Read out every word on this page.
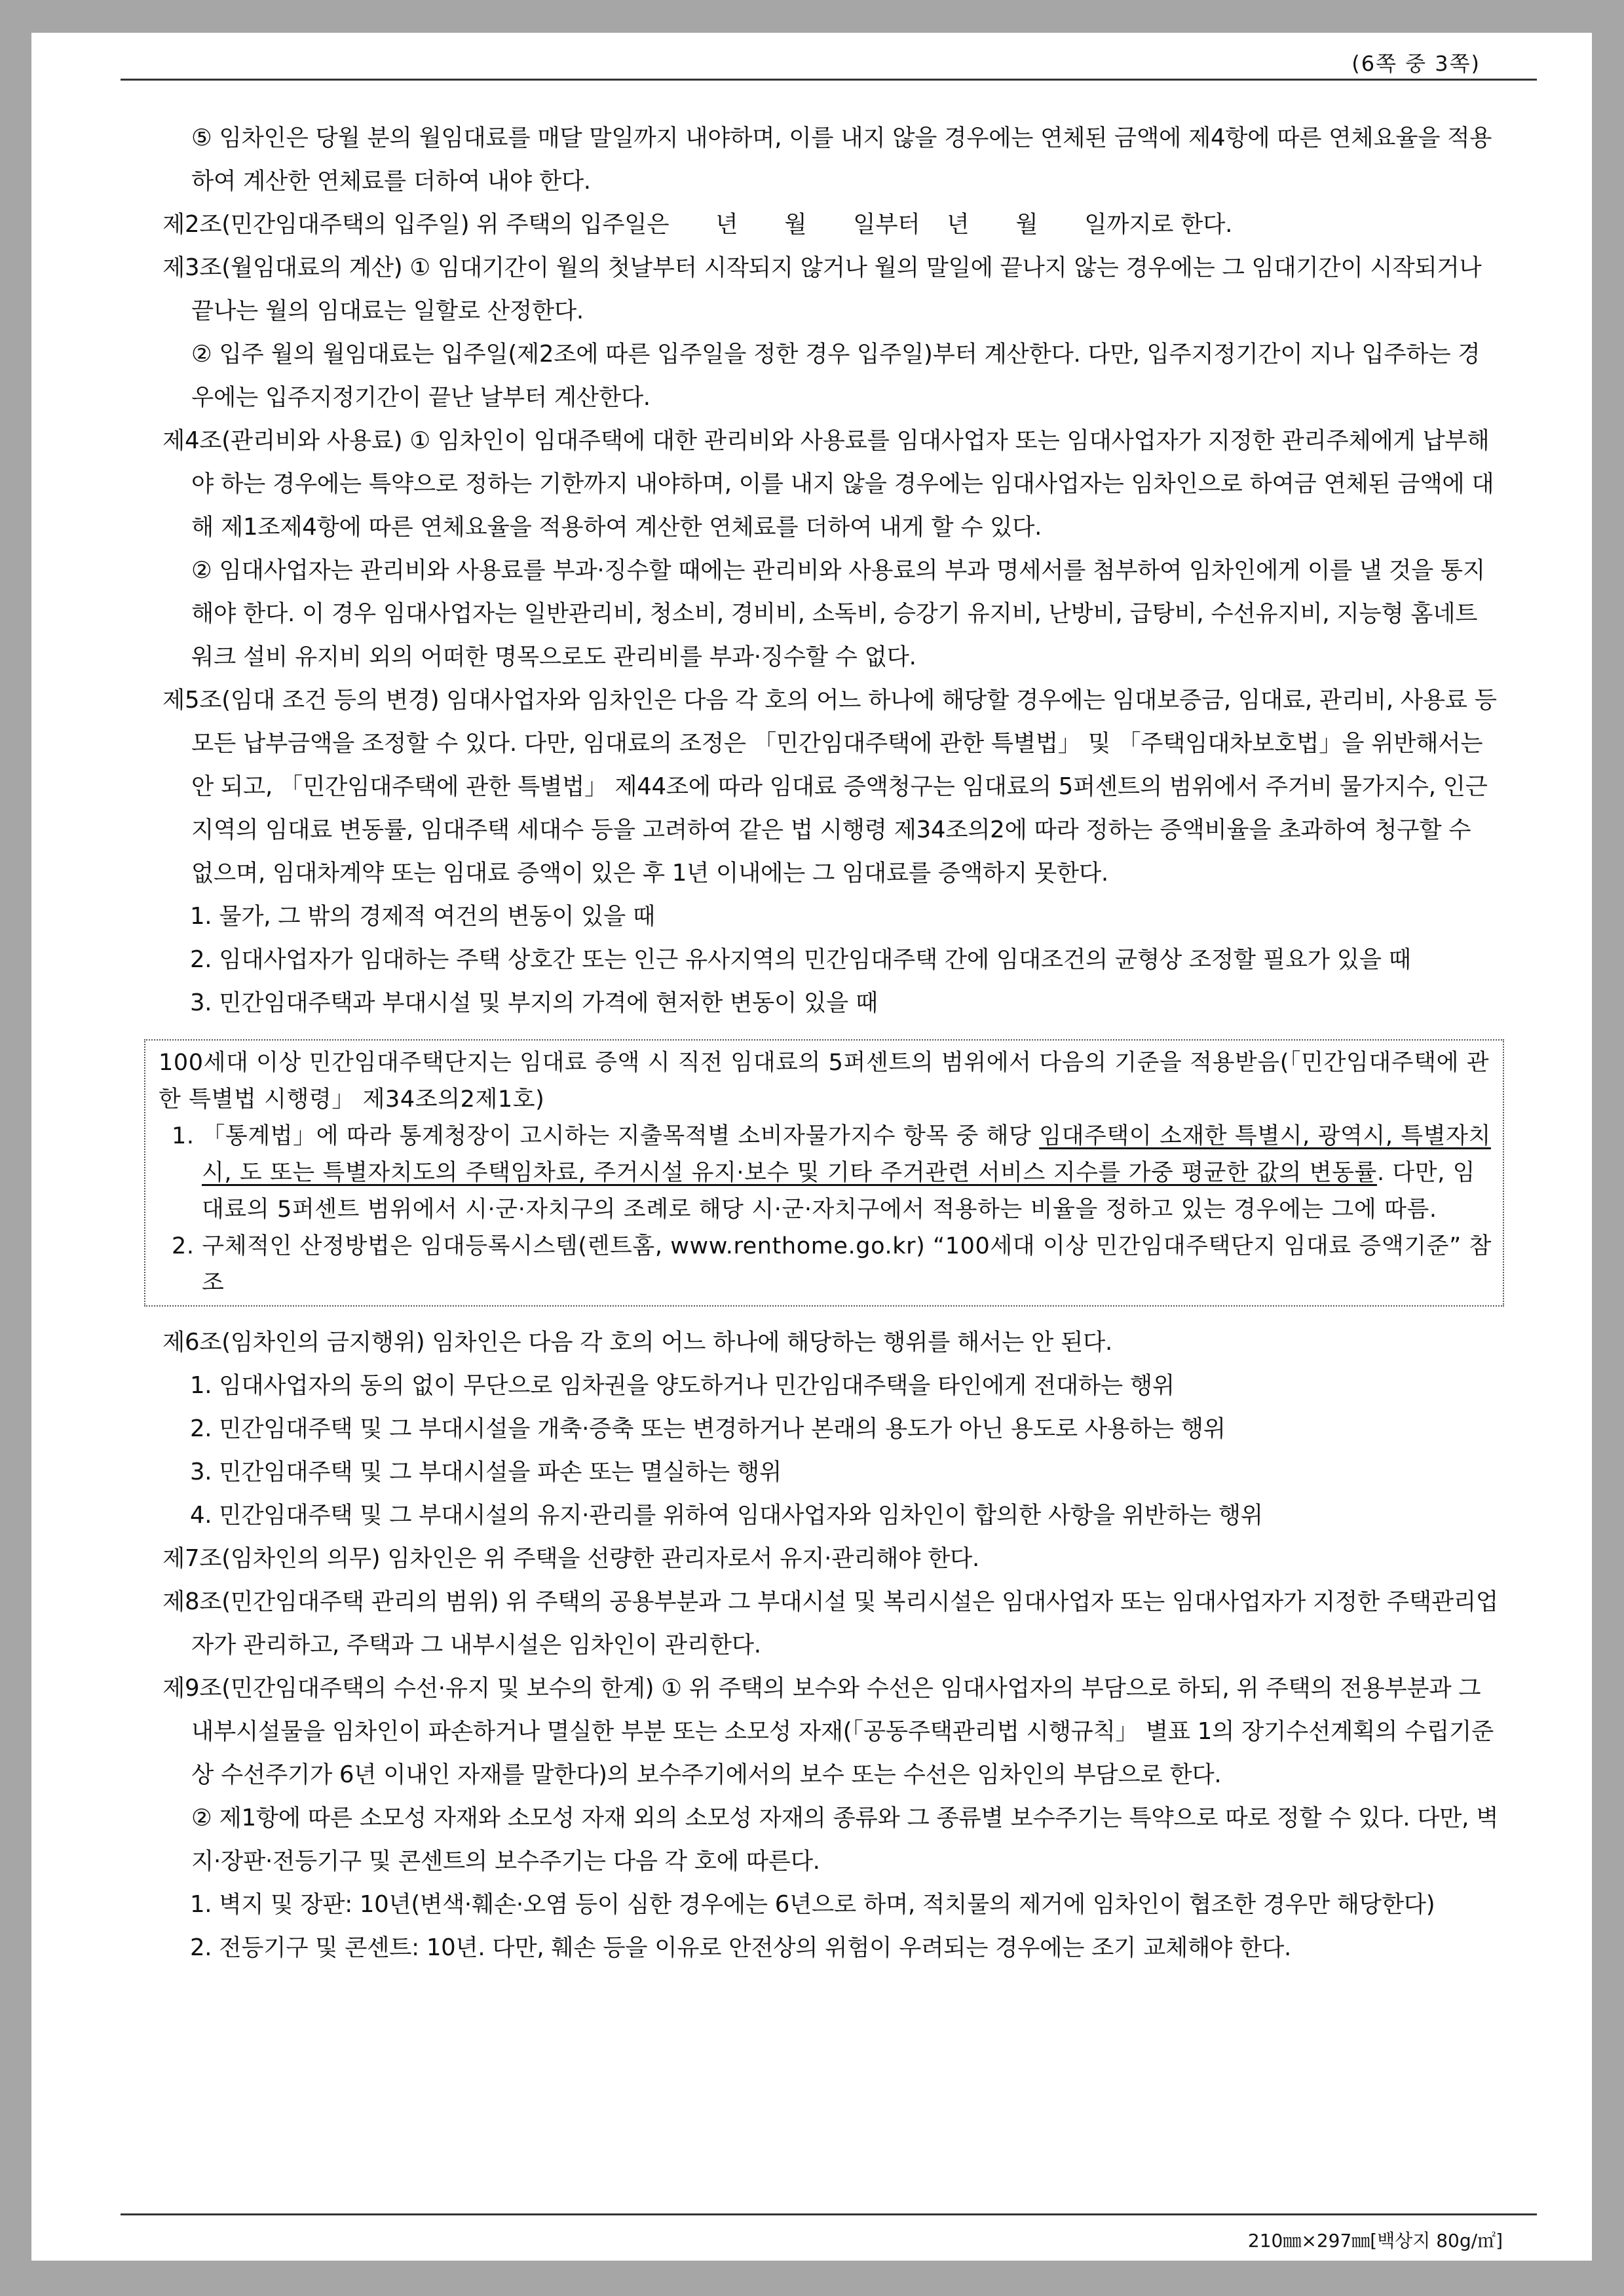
(6쪽 중 3쪽)

⑤ 임차인은 당월 분의 월임대료를 매달 말일까지 내야하며, 이를 내지 않을 경우에는 연체된 금액에 제4항에 따른 연체요율을 적용하여 계산한 연체료를 더하여 내야 한다.

제2조(민간임대주택의 입주일) 위 주택의 입주일은 년 월 일부터 년 월 일까지로 한다.

제3조(월임대료의 계산) ① 임대기간이 월의 첫날부터 시작되지 않거나 월의 말일에 끝나지 않는 경우에는 그 임대기간이 시작되거나 끝나는 월의 임대료는 일할로 산정한다.

② 입주 월의 월임대료는 입주일(제2조에 따른 입주일을 정한 경우 입주일)부터 계산한다. 다만, 입주지정기간이 지나 입주하는 경우에는 입주지정기간이 끝난 날부터 계산한다.

제4조(관리비와 사용료) ① 임차인이 임대주택에 대한 관리비와 사용료를 임대사업자 또는 임대사업자가 지정한 관리주체에게 납부해야 하는 경우에는 특약으로 정하는 기한까지 내야하며, 이를 내지 않을 경우에는 임대사업자는 임차인으로 하여금 연체된 금액에 대해 제1조제4항에 따른 연체요율을 적용하여 계산한 연체료를 더하여 내게 할 수 있다.

② 임대사업자는 관리비와 사용료를 부과·징수할 때에는 관리비와 사용료의 부과 명세서를 첨부하여 임차인에게 이를 낼 것을 통지해야 한다. 이 경우 임대사업자는 일반관리비, 청소비, 경비비, 소독비, 승강기 유지비, 난방비, 급탕비, 수선유지비, 지능형 홈네트워크 설비 유지비 외의 어떠한 명목으로도 관리비를 부과·징수할 수 없다.

제5조(임대 조건 등의 변경) 임대사업자와 임차인은 다음 각 호의 어느 하나에 해당할 경우에는 임대보증금, 임대료, 관리비, 사용료 등 모든 납부금액을 조정할 수 있다. 다만, 임대료의 조정은 「민간임대주택에 관한 특별법」 및 「주택임대차보호법」을 위반해서는 안 되고, 「민간임대주택에 관한 특별법」 제44조에 따라 임대료 증액청구는 임대료의 5퍼센트의 범위에서 주거비 물가지수, 인근 지역의 임대료 변동률, 임대주택 세대수 등을 고려하여 같은 법 시행령 제34조의2에 따라 정하는 증액비율을 초과하여 청구할 수 없으며, 임대차계약 또는 임대료 증액이 있은 후 1년 이내에는 그 임대료를 증액하지 못한다.

1. 물가, 그 밖의 경제적 여건의 변동이 있을 때

2. 임대사업자가 임대하는 주택 상호간 또는 인근 유사지역의 민간임대주택 간에 임대조건의 균형상 조정할 필요가 있을 때

3. 민간임대주택과 부대시설 및 부지의 가격에 현저한 변동이 있을 때

100세대 이상 민간임대주택단지는 임대료 증액 시 직전 임대료의 5퍼센트의 범위에서 다음의 기준을 적용받음(「민간임대주택에 관한 특별법 시행령」 제34조의2제1호)

1. 「통계법」에 따라 통계청장이 고시하는 지출목적별 소비자물가지수 항목 중 해당 임대주택이 소재한 특별시, 광역시, 특별자치시, 도 또는 특별자치도의 주택임차료, 주거시설 유지·보수 및 기타 주거관련 서비스 지수를 가중 평균한 값의 변동률. 다만, 임대료의 5퍼센트 범위에서 시·군·자치구의 조례로 해당 시·군·자치구에서 적용하는 비율을 정하고 있는 경우에는 그에 따름.

2. 구체적인 산정방법은 임대등록시스템(렌트홈, www.renthome.go.kr) “100세대 이상 민간임대주택단지 임대료 증액기준” 참조

제6조(임차인의 금지행위) 임차인은 다음 각 호의 어느 하나에 해당하는 행위를 해서는 안 된다.

1. 임대사업자의 동의 없이 무단으로 임차권을 양도하거나 민간임대주택을 타인에게 전대하는 행위

2. 민간임대주택 및 그 부대시설을 개축·증축 또는 변경하거나 본래의 용도가 아닌 용도로 사용하는 행위

3. 민간임대주택 및 그 부대시설을 파손 또는 멸실하는 행위

4. 민간임대주택 및 그 부대시설의 유지·관리를 위하여 임대사업자와 임차인이 합의한 사항을 위반하는 행위

제7조(임차인의 의무) 임차인은 위 주택을 선량한 관리자로서 유지·관리해야 한다.

제8조(민간임대주택 관리의 범위) 위 주택의 공용부분과 그 부대시설 및 복리시설은 임대사업자 또는 임대사업자가 지정한 주택관리업자가 관리하고, 주택과 그 내부시설은 임차인이 관리한다.

제9조(민간임대주택의 수선·유지 및 보수의 한계) ① 위 주택의 보수와 수선은 임대사업자의 부담으로 하되, 위 주택의 전용부분과 그 내부시설물을 임차인이 파손하거나 멸실한 부분 또는 소모성 자재(「공동주택관리법 시행규칙」 별표 1의 장기수선계획의 수립기준상 수선주기가 6년 이내인 자재를 말한다)의 보수주기에서의 보수 또는 수선은 임차인의 부담으로 한다.

② 제1항에 따른 소모성 자재와 소모성 자재 외의 소모성 자재의 종류와 그 종류별 보수주기는 특약으로 따로 정할 수 있다. 다만, 벽지·장판·전등기구 및 콘센트의 보수주기는 다음 각 호에 따른다.

1. 벽지 및 장판: 10년(변색·훼손·오염 등이 심한 경우에는 6년으로 하며, 적치물의 제거에 임차인이 협조한 경우만 해당한다)

2. 전등기구 및 콘센트: 10년. 다만, 훼손 등을 이유로 안전상의 위험이 우려되는 경우에는 조기 교체해야 한다.

210㎜×297㎜[백상지 80g/㎡]
